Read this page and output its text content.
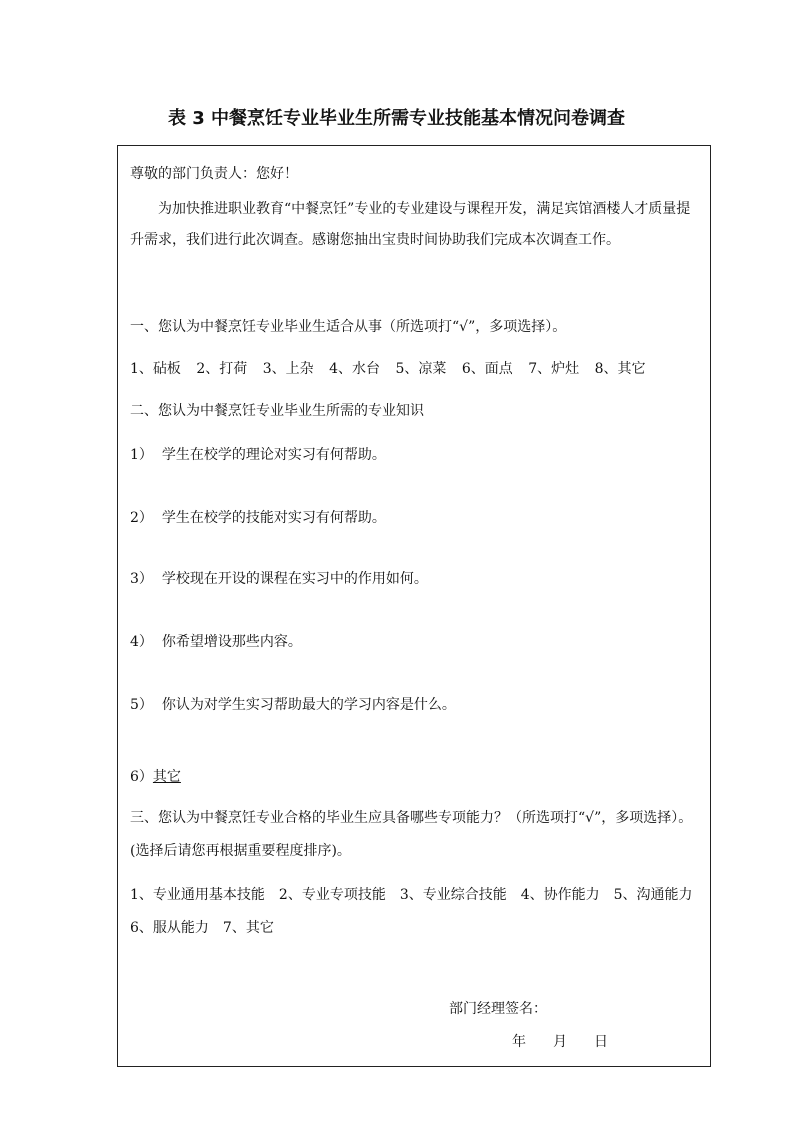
表 3 中餐烹饪专业毕业生所需专业技能基本情况问卷调查
尊敬的部门负责人：您好！
为加快推进职业教育“中餐烹饪”专业的专业建设与课程开发，满足宾馆酒楼人才质量提升需求，我们进行此次调查。感谢您抽出宝贵时间协助我们完成本次调查工作。
一、您认为中餐烹饪专业毕业生适合从事（所选项打“√”，多项选择）。
1、砧板 2、打荷 3、上杂 4、水台 5、凉菜 6、面点 7、炉灶 8、其它
二、您认为中餐烹饪专业毕业生所需的专业知识
1） 学生在校学的理论对实习有何帮助。
2） 学生在校学的技能对实习有何帮助。
3） 学校现在开设的课程在实习中的作用如何。
4） 你希望增设那些内容。
5） 你认为对学生实习帮助最大的学习内容是什么。
6）其它
三、您认为中餐烹饪专业合格的毕业生应具备哪些专项能力？（所选项打“√”，多项选择）。(选择后请您再根据重要程度排序)。
1、专业通用基本技能　2、专业专项技能　3、专业综合技能　4、协作能力　5、沟通能力　6、服从能力　7、其它
部门经理签名：
年 月 日
